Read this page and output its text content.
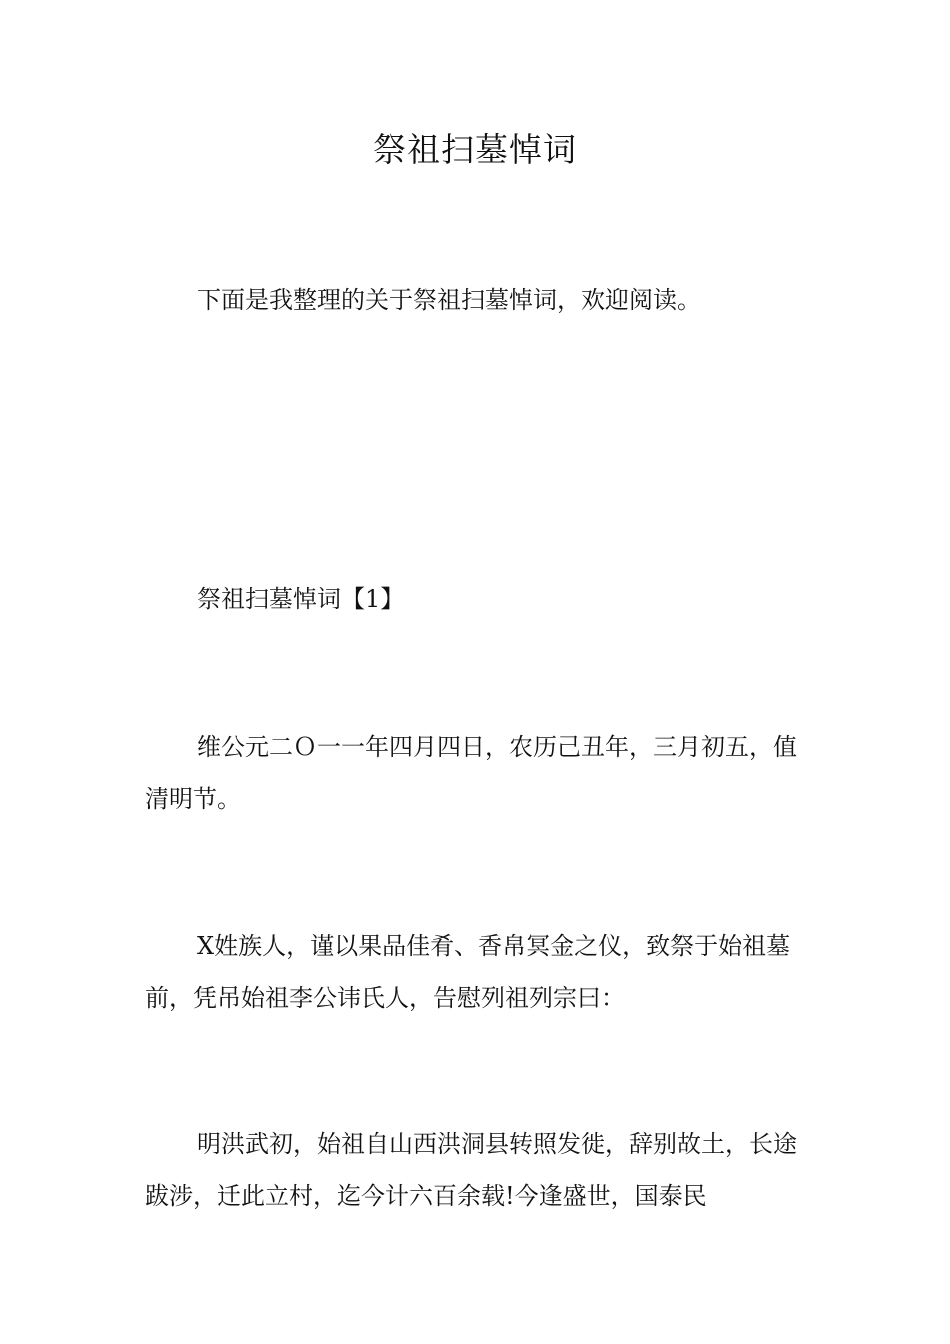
祭祖扫墓悼词

下面是我整理的关于祭祖扫墓悼词，欢迎阅读。

祭祖扫墓悼词【1】

维公元二Ｏ一一年四月四日，农历己丑年，三月初五，值清明节。

X姓族人，谨以果品佳肴、香帛冥金之仪，致祭于始祖墓前，凭吊始祖李公讳氏人，告慰列祖列宗曰：

明洪武初，始祖自山西洪洞县转照发徙，辞别故土，长途跋涉，迁此立村，迄今计六百余载!今逢盛世，国泰民
